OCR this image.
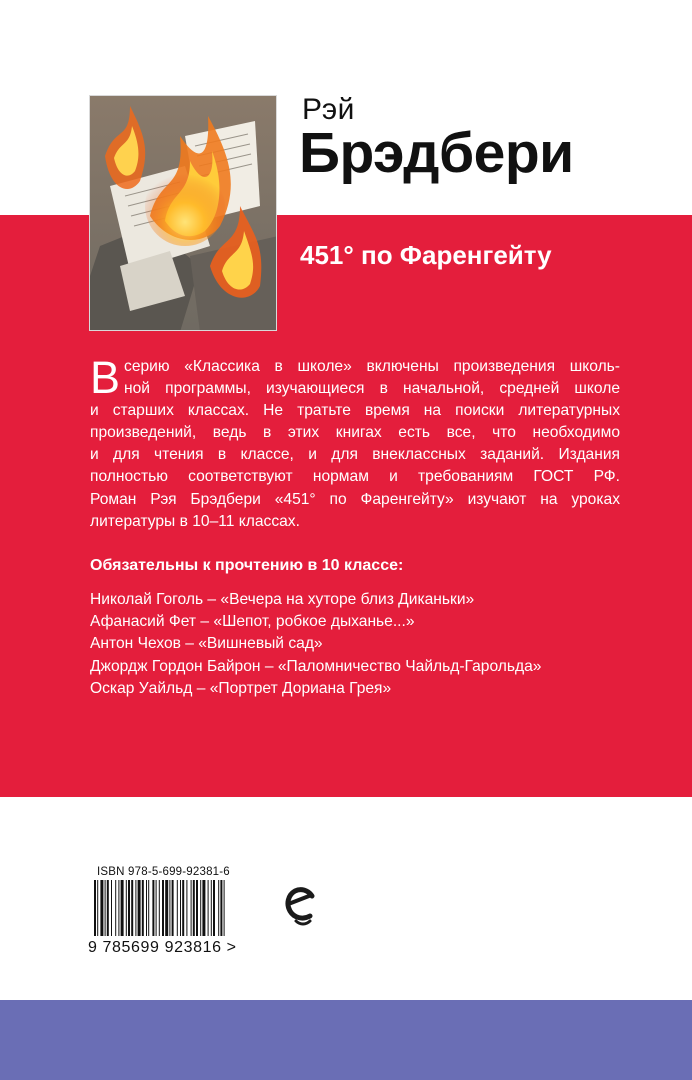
Рэй
Брэдбери
451° по Фаренгейту
В серию «Классика в школе» включены произведения школь-
ной программы, изучающиеся в начальной, средней школе
и старших классах. Не тратьте время на поиски литературных
произведений, ведь в этих книгах есть все, что необходимо
и для чтения в классе, и для внеклассных заданий. Издания
полностью соответствуют нормам и требованиям ГОСТ РФ.
Роман Рэя Брэдбери «451° по Фаренгейту» изучают на уроках
литературы в 10–11 классах.
Обязательны к прочтению в 10 классе:
Николай Гоголь – «Вечера на хуторе близ Диканьки»
Афанасий Фет – «Шепот, робкое дыханье...»
Антон Чехов – «Вишневый сад»
Джордж Гордон Байрон – «Паломничество Чайльд-Гарольда»
Оскар Уайльд – «Портрет Дориана Грея»
ISBN 978-5-699-92381-6
9 785699 923816 >
